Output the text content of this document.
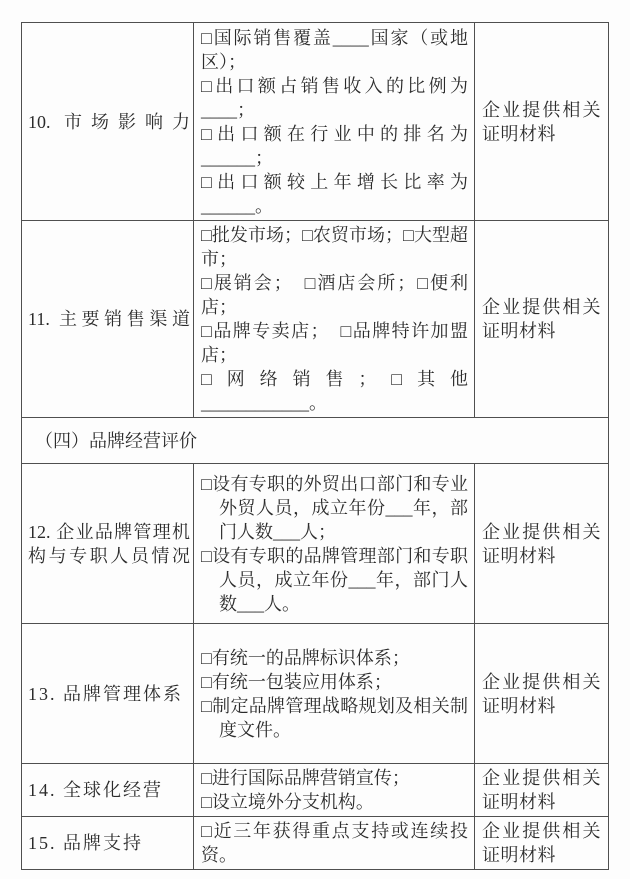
10. 市场影响力	□国际销售覆盖____国家（或地区）；
□出口额占销售收入的比例为____；
□出口额在行业中的排名为______；
□出口额较上年增长比率为______。	企业提供相关证明材料

11. 主要销售渠道	□批发市场；□农贸市场；□大型超市；
□展销会；　□酒店会所；□便利店；
□品牌专卖店；　□品牌特许加盟店；
□网络销售；□其他____________。	企业提供相关证明材料
（四）品牌经营评价		

12. 企业品牌管理机构与专职人员情况	□设有专职的外贸出口部门和专业外贸人员，成立年份___年，部门人数___人；
□设有专职的品牌管理部门和专职人员，成立年份___年，部门人数___人。	企业提供相关证明材料

13. 品牌管理体系	□有统一的品牌标识体系；
□有统一包装应用体系；
□制定品牌管理战略规划及相关制度文件。	企业提供相关证明材料

14. 全球化经营	□进行国际品牌营销宣传；
□设立境外分支机构。	企业提供相关证明材料

15. 品牌支持	□近三年获得重点支持或连续投资。	企业提供相关证明材料
